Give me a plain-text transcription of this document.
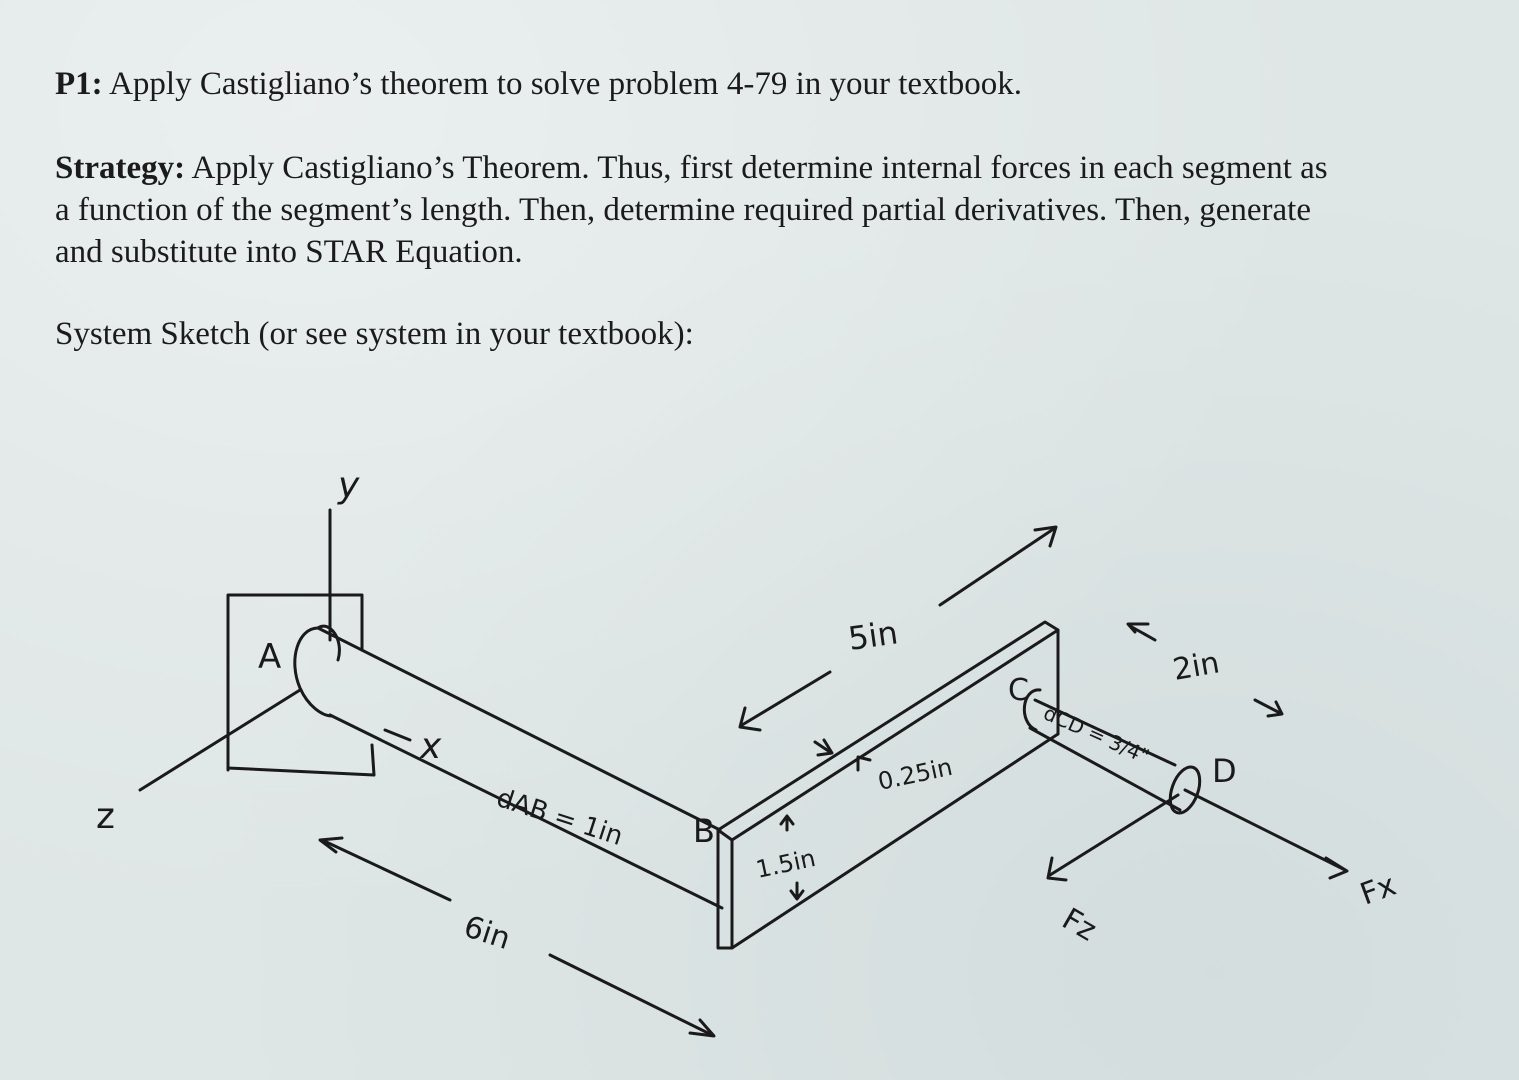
P1: Apply Castigliano’s theorem to solve problem 4-79 in your textbook.

Strategy: Apply Castigliano’s Theorem. Thus, first determine internal forces in each segment as

a function of the segment’s length. Then, determine required partial derivatives. Then, generate

and substitute into STAR Equation.

System Sketch (or see system in your textbook):

y
x
z
A
B
C
D
dAB = 1in
6in
5in
1.5in
0.25in
dCD = 3/4"
2in
Fx
Fz
